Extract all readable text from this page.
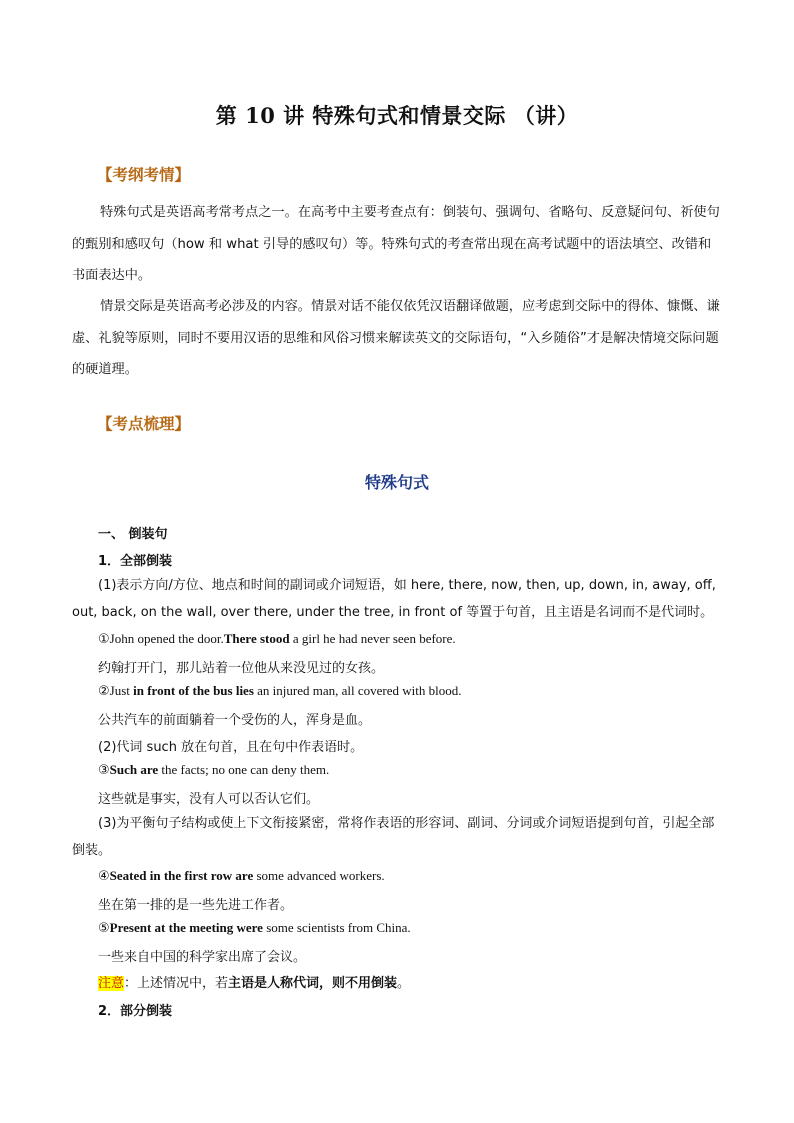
第 10 讲 特殊句式和情景交际 （讲）
【考纲考情】

特殊句式是英语高考常考点之一。在高考中主要考查点有：倒装句、强调句、省略句、反意疑问句、祈使句的甄别和感叹句（how 和 what 引导的感叹句）等。特殊句式的考查常出现在高考试题中的语法填空、改错和书面表达中。

情景交际是英语高考必涉及的内容。情景对话不能仅依凭汉语翻译做题，应考虑到交际中的得体、慷慨、谦虚、礼貌等原则，同时不要用汉语的思维和风俗习惯来解读英文的交际语句，“入乡随俗”才是解决情境交际问题的硬道理。

【考点梳理】
特殊句式
一、 倒装句
1．全部倒装

(1)表示方向/方位、地点和时间的副词或介词短语，如 here, there, now, then, up, down, in, away, off, out, back, on the wall, over there, under the tree, in front of 等置于句首，且主语是名词而不是代词时。

①John opened the door.There stood a girl he had never seen before.
约翰打开门，那儿站着一位他从来没见过的女孩。
②Just in front of the bus lies an injured man, all covered with blood.
公共汽车的前面躺着一个受伤的人，浑身是血。
(2)代词 such 放在句首，且在句中作表语时。
③Such are the facts; no one can deny them.
这些就是事实，没有人可以否认它们。

(3)为平衡句子结构或使上下文衔接紧密，常将作表语的形容词、副词、分词或介词短语提到句首，引起全部倒装。

④Seated in the first row are some advanced workers.
坐在第一排的是一些先进工作者。
⑤Present at the meeting were some scientists from China.
一些来自中国的科学家出席了会议。
注意：上述情况中，若主语是人称代词，则不用倒装。
2．部分倒装
